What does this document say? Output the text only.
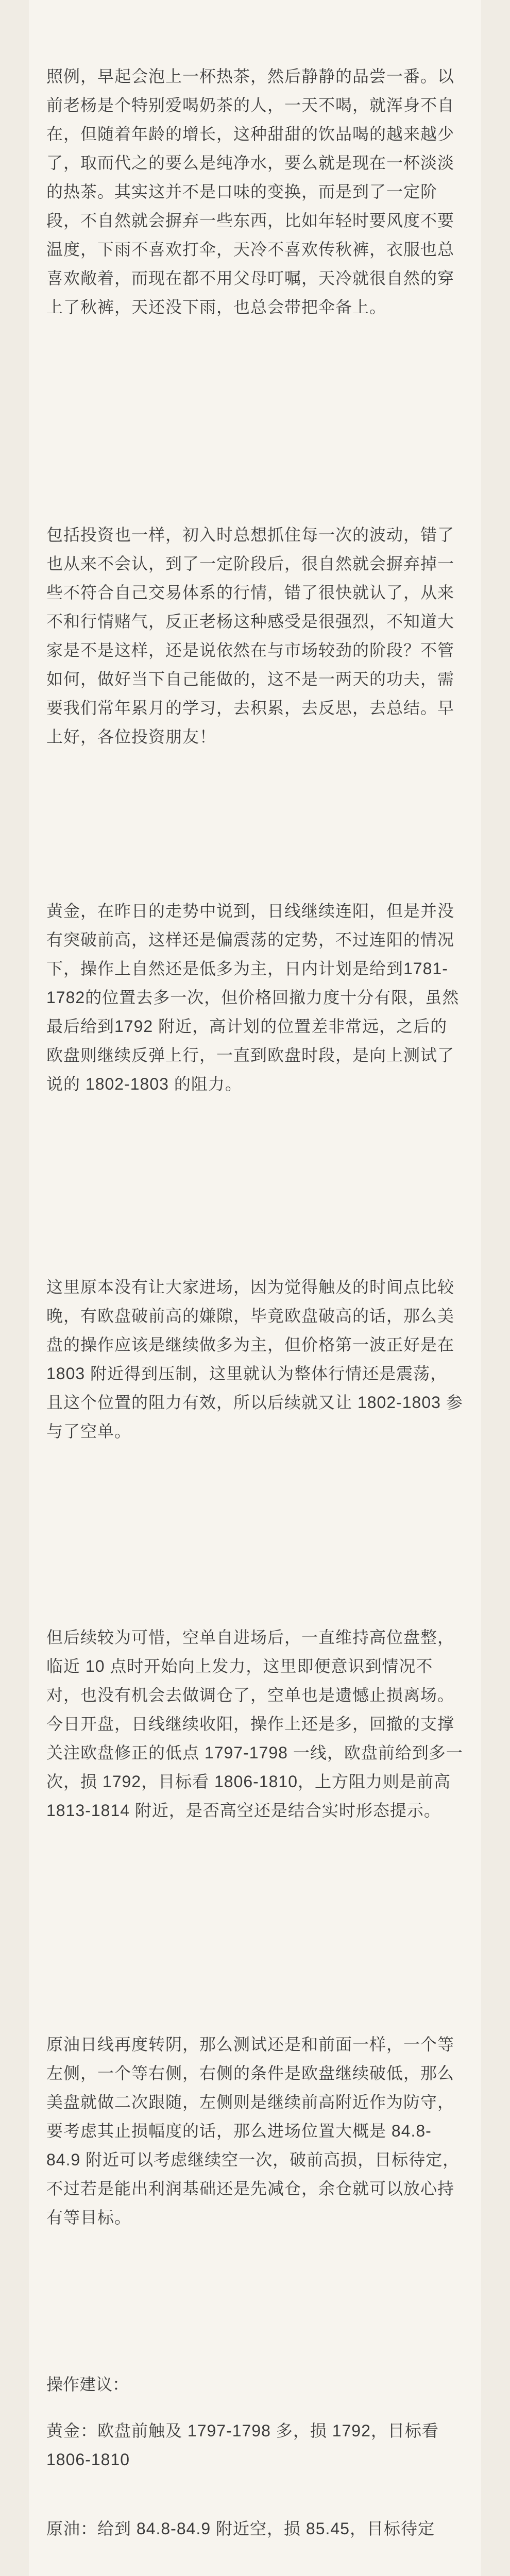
照例，早起会泡上一杯热茶，然后静静的品尝一番。以前老杨是个特别爱喝奶茶的人，一天不喝，就浑身不自在，但随着年龄的增长，这种甜甜的饮品喝的越来越少了，取而代之的要么是纯净水，要么就是现在一杯淡淡的热茶。其实这并不是口味的变换，而是到了一定阶段，不自然就会摒弃一些东西，比如年轻时要风度不要温度，下雨不喜欢打伞，天冷不喜欢传秋裤，衣服也总喜欢敞着，而现在都不用父母叮嘱，天冷就很自然的穿上了秋裤，天还没下雨，也总会带把伞备上。

包括投资也一样，初入时总想抓住每一次的波动，错了也从来不会认，到了一定阶段后，很自然就会摒弃掉一些不符合自己交易体系的行情，错了很快就认了，从来不和行情赌气，反正老杨这种感受是很强烈，不知道大家是不是这样，还是说依然在与市场较劲的阶段？不管如何，做好当下自己能做的，这不是一两天的功夫，需要我们常年累月的学习，去积累，去反思，去总结。早上好，各位投资朋友！

黄金，在昨日的走势中说到，日线继续连阳，但是并没有突破前高，这样还是偏震荡的定势，不过连阳的情况下，操作上自然还是低多为主，日内计划是给到1781-1782的位置去多一次，但价格回撤力度十分有限，虽然最后给到1792 附近，高计划的位置差非常远，之后的欧盘则继续反弹上行，一直到欧盘时段，是向上测试了说的 1802-1803 的阻力。

这里原本没有让大家进场，因为觉得触及的时间点比较晚，有欧盘破前高的嫌隙，毕竟欧盘破高的话，那么美盘的操作应该是继续做多为主，但价格第一波正好是在 1803 附近得到压制，这里就认为整体行情还是震荡，且这个位置的阻力有效，所以后续就又让 1802-1803 参与了空单。

但后续较为可惜，空单自进场后，一直维持高位盘整，临近 10 点时开始向上发力，这里即便意识到情况不对，也没有机会去做调仓了，空单也是遗憾止损离场。今日开盘，日线继续收阳，操作上还是多，回撤的支撑关注欧盘修正的低点 1797-1798 一线，欧盘前给到多一次，损 1792，目标看 1806-1810，上方阻力则是前高 1813-1814 附近，是否高空还是结合实时形态提示。

原油日线再度转阴，那么测试还是和前面一样，一个等左侧，一个等右侧，右侧的条件是欧盘继续破低，那么美盘就做二次跟随，左侧则是继续前高附近作为防守，要考虑其止损幅度的话，那么进场位置大概是 84.8-84.9 附近可以考虑继续空一次，破前高损，目标待定，不过若是能出利润基础还是先减仓，余仓就可以放心持有等目标。

操作建议：

黄金：欧盘前触及 1797-1798 多，损 1792，目标看 1806-1810

原油：给到 84.8-84.9 附近空，损 85.45，目标待定
